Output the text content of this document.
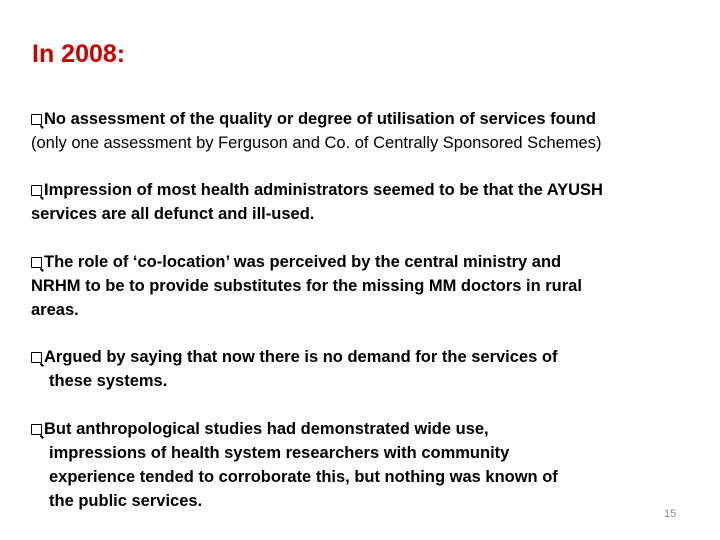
In 2008:
No assessment of the quality or degree of utilisation of services found
(only one assessment by Ferguson and Co. of Centrally Sponsored Schemes)
Impression of most health administrators seemed to be that the AYUSH
services are all defunct and ill-used.
The role of ‘co-location’ was perceived by the central ministry and
NRHM to be to provide substitutes for the missing MM doctors in rural
areas.
Argued by saying that now there is no demand for the services of
these systems.
But anthropological studies had demonstrated wide use,
impressions of health system researchers with community
experience tended to corroborate this, but nothing was known of
the public services.
15
